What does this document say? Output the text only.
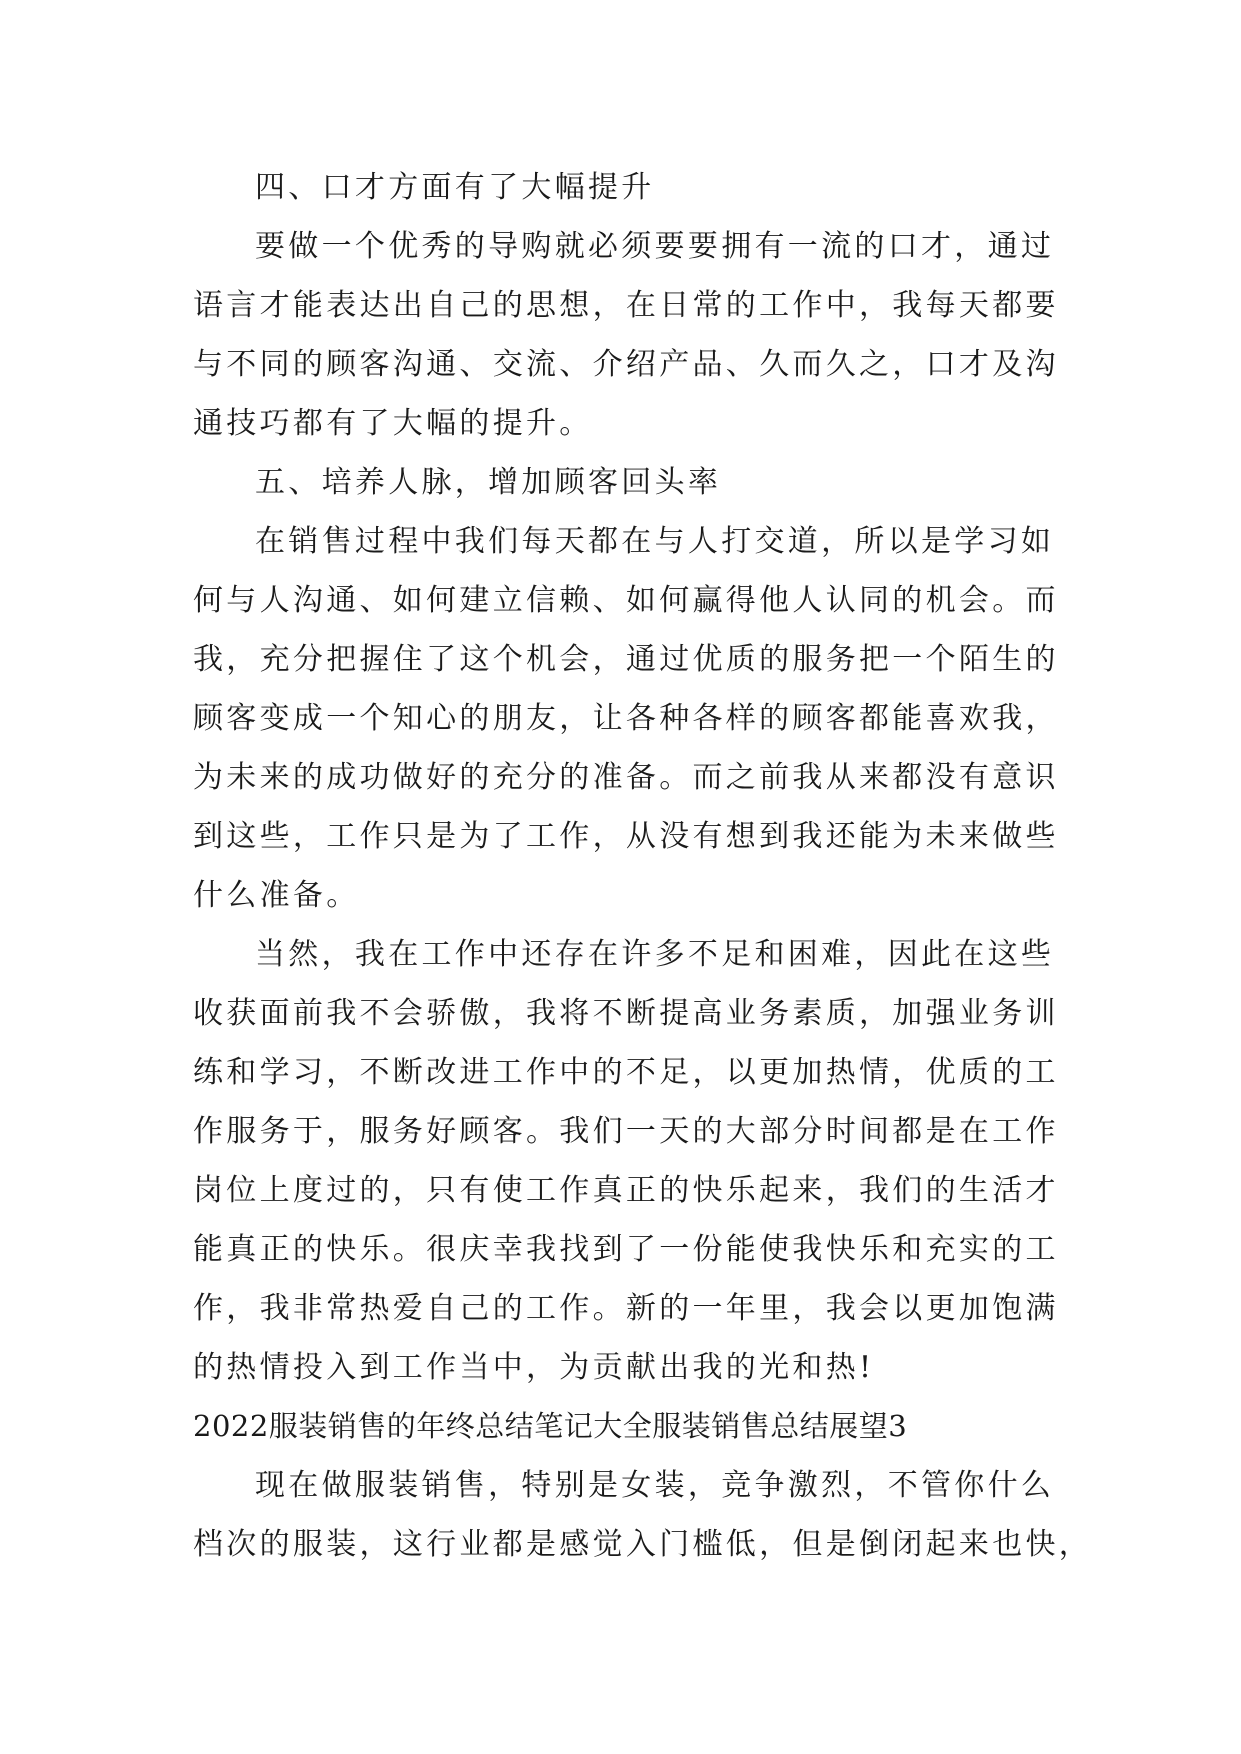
四、口才方面有了大幅提升
要做一个优秀的导购就必须要要拥有一流的口才，通过
语言才能表达出自己的思想，在日常的工作中，我每天都要
与不同的顾客沟通、交流、介绍产品、久而久之，口才及沟
通技巧都有了大幅的提升。
五、培养人脉，增加顾客回头率
在销售过程中我们每天都在与人打交道，所以是学习如
何与人沟通、如何建立信赖、如何赢得他人认同的机会。而
我，充分把握住了这个机会，通过优质的服务把一个陌生的
顾客变成一个知心的朋友，让各种各样的顾客都能喜欢我，
为未来的成功做好的充分的准备。而之前我从来都没有意识
到这些，工作只是为了工作，从没有想到我还能为未来做些
什么准备。
当然，我在工作中还存在许多不足和困难，因此在这些
收获面前我不会骄傲，我将不断提高业务素质，加强业务训
练和学习，不断改进工作中的不足，以更加热情，优质的工
作服务于，服务好顾客。我们一天的大部分时间都是在工作
岗位上度过的，只有使工作真正的快乐起来，我们的生活才
能真正的快乐。很庆幸我找到了一份能使我快乐和充实的工
作，我非常热爱自己的工作。新的一年里，我会以更加饱满
的热情投入到工作当中，为贡献出我的光和热!
2022服装销售的年终总结笔记大全服装销售总结展望3
现在做服装销售，特别是女装，竞争激烈，不管你什么
档次的服装，这行业都是感觉入门槛低，但是倒闭起来也快，
